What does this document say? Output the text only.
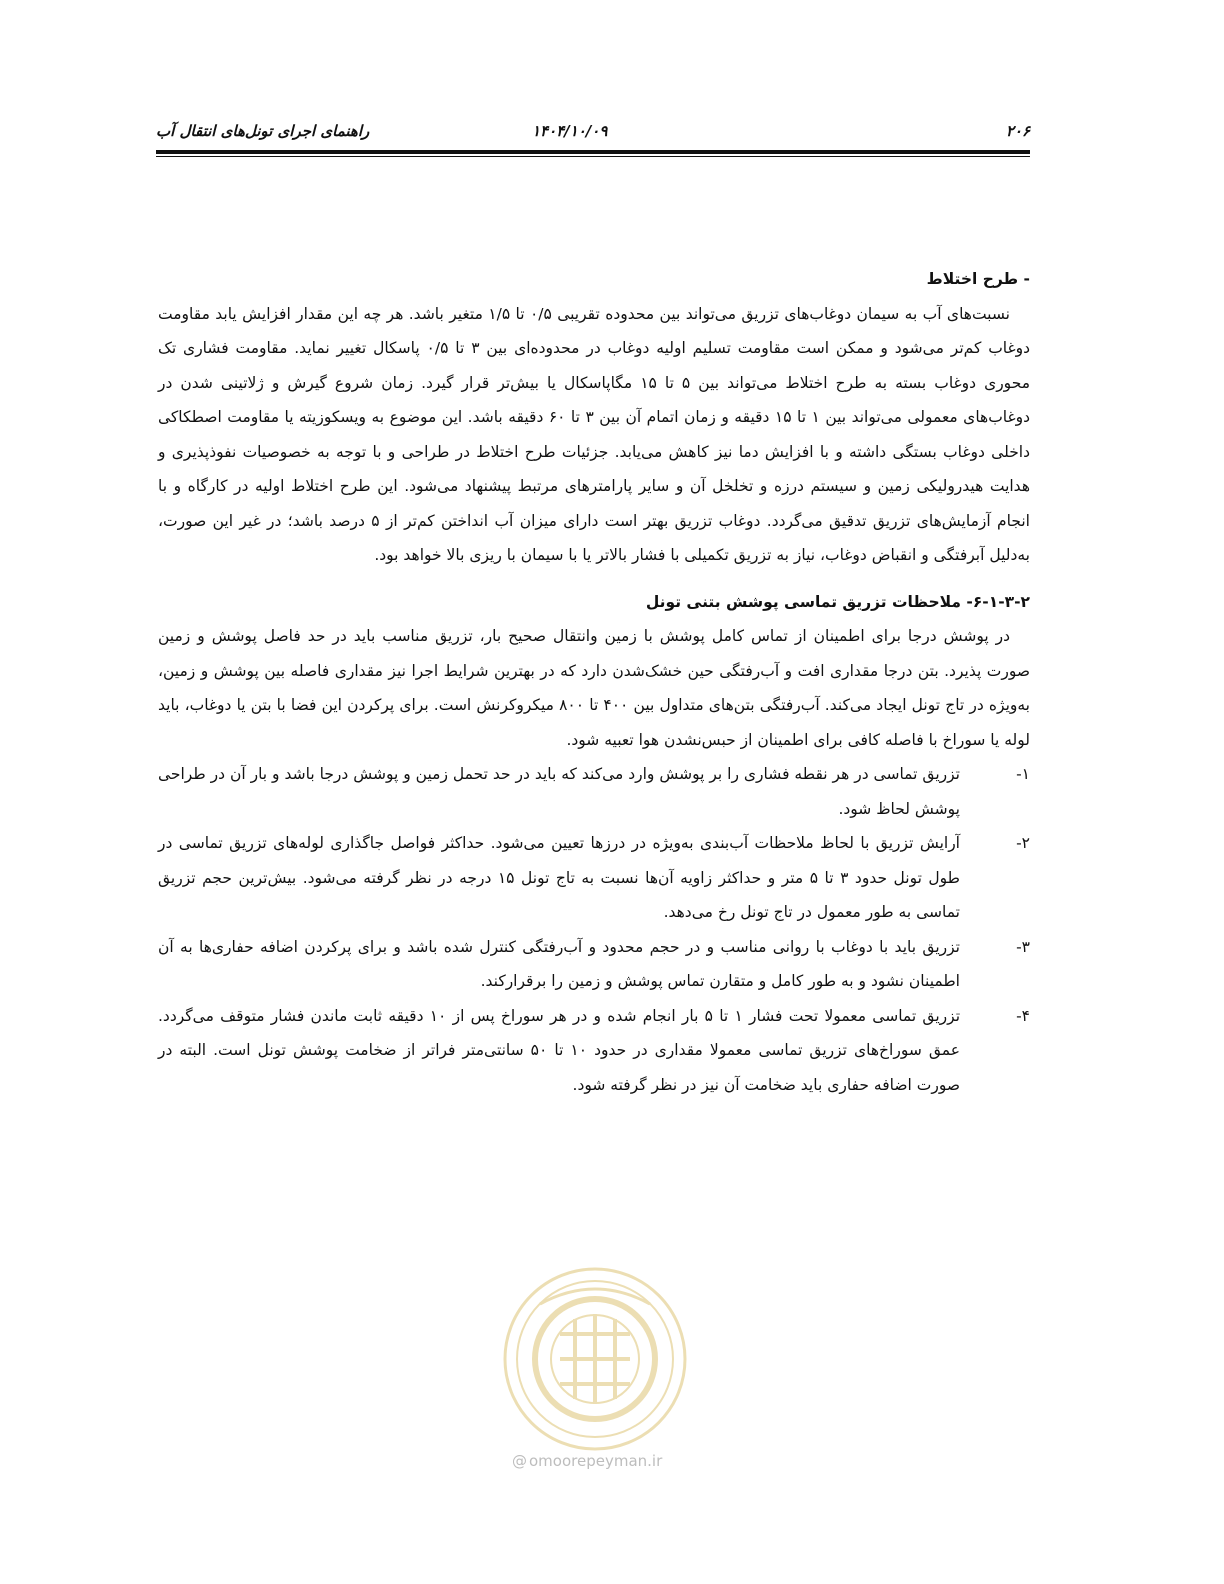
راهنمای اجرای تونل‌های انتقال آب	۱۴۰۴/۱۰/۰۹	۲۰۶

- طرح اختلاط

نسبت‌های آب به سیمان دوغاب‌های تزریق می‌تواند بین محدوده تقریبی ۰/۵ تا ۱/۵ متغیر باشد. هر چه این مقدار افزایش یابد مقاومت دوغاب کم‌تر می‌شود و ممکن است مقاومت تسلیم اولیه دوغاب در محدوده‌ای بین ۳ تا ۰/۵ پاسکال تغییر نماید. مقاومت فشاری تک محوری دوغاب بسته به طرح اختلاط می‌تواند بین ۵ تا ۱۵ مگاپاسکال یا بیش‌تر قرار گیرد. زمان شروع گیرش و ژلاتینی شدن در دوغاب‌های معمولی می‌تواند بین ۱ تا ۱۵ دقیقه و زمان اتمام آن بین ۳ تا ۶۰ دقیقه باشد. این موضوع به ویسکوزیته یا مقاومت اصطکاکی داخلی دوغاب بستگی داشته و با افزایش دما نیز کاهش می‌یابد. جزئیات طرح اختلاط در طراحی و با توجه به خصوصیات نفوذپذیری و هدایت هیدرولیکی زمین و سیستم درزه و تخلخل آن و سایر پارامترهای مرتبط پیشنهاد می‌شود. این طرح اختلاط اولیه در کارگاه و با انجام آزمایش‌های تزریق تدقیق می‌گردد. دوغاب تزریق بهتر است دارای میزان آب انداختن کم‌تر از ۵ درصد باشد؛ در غیر این صورت، به‌دلیل آبرفتگی و انقباض دوغاب، نیاز به تزریق تکمیلی با فشار بالاتر یا با سیمان با ریزی بالا خواهد بود.

۶-۱-۳-۲- ملاحظات تزریق تماسی پوشش بتنی تونل

در پوشش درجا برای اطمینان از تماس کامل پوشش با زمین وانتقال صحیح بار، تزریق مناسب باید در حد فاصل پوشش و زمین صورت پذیرد. بتن درجا مقداری افت و آب‌رفتگی حین خشک‌شدن دارد که در بهترین شرایط اجرا نیز مقداری فاصله بین پوشش و زمین، به‌ویژه در تاج تونل ایجاد می‌کند. آب‌رفتگی بتن‌های متداول بین ۴۰۰ تا ۸۰۰ میکروکرنش است. برای پرکردن این فضا با بتن یا دوغاب، باید لوله یا سوراخ با فاصله کافی برای اطمینان از حبس‌نشدن هوا تعبیه شود.

۱-
تزریق تماسی در هر نقطه فشاری را بر پوشش وارد می‌کند که باید در حد تحمل زمین و پوشش درجا باشد و بار آن در طراحی پوشش لحاظ شود.
۲-
آرایش تزریق با لحاظ ملاحظات آب‌بندی به‌ویژه در درزها تعیین می‌شود. حداکثر فواصل جاگذاری لوله‌های تزریق تماسی در طول تونل حدود ۳ تا ۵ متر و حداکثر زاویه آن‌ها نسبت به تاج تونل ۱۵ درجه در نظر گرفته می‌شود. بیش‌ترین حجم تزریق تماسی به طور معمول در تاج تونل رخ می‌دهد.
۳-
تزریق باید با دوغاب با روانی مناسب و در حجم محدود و آب‌رفتگی کنترل شده باشد و برای پرکردن اضافه حفاری‌ها به آن اطمینان نشود و به طور کامل و متقارن تماس پوشش و زمین را برقرارکند.
۴-
تزریق تماسی معمولا تحت فشار ۱ تا ۵ بار انجام شده و در هر سوراخ پس از ۱۰ دقیقه ثابت ماندن فشار متوقف می‌گردد. عمق سوراخ‌های تزریق تماسی معمولا مقداری در حدود ۱۰ تا ۵۰ سانتی‌متر فراتر از ضخامت پوشش تونل است. البته در صورت اضافه حفاری باید ضخامت آن نیز در نظر گرفته شود.
@ omoorepeyman.ir
